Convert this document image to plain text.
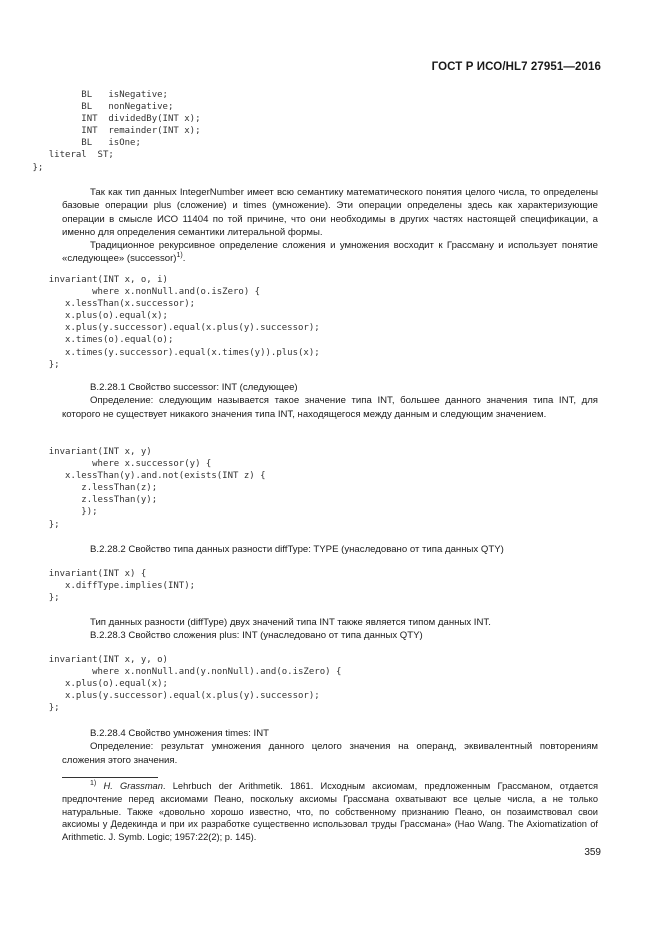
ГОСТ Р ИСО/HL7 27951—2016
BL   isNegative;
BL   nonNegative;
INT  dividedBy(INT x);
INT  remainder(INT x);
BL   isOne;
literal  ST;
};

Так как тип данных IntegerNumber имеет всю семантику математического понятия целого числа, то определены базовые операции plus (сложение) и times (умножение). Эти операции определены здесь как характеризующие операции в смысле ИСО 11404 по той причине, что они необходимы в других частях настоящей спецификации, а именно для определения семантики литеральной формы.

Традиционное рекурсивное определение сложения и умножения восходит к Грассману и использует понятие «следующее» (successor)$^{1)}$.

invariant(INT x, o, i)
where x.nonNull.and(o.isZero) {
x.lessThan(x.successor);
x.plus(o).equal(x);
x.plus(y.successor).equal(x.plus(y).successor);
x.times(o).equal(o);
x.times(y.successor).equal(x.times(y)).plus(x);
};

B.2.28.1 Свойство successor: INT (следующее)

Определение: следующим называется такое значение типа INT, большее данного значения типа INT, для которого не существует никакого значения типа INT, находящегося между данным и следующим значением.

invariant(INT x, y)
where x.successor(y) {
x.lessThan(y).and.not(exists(INT z) {
z.lessThan(z);
z.lessThan(y);
});
};

B.2.28.2 Свойство типа данных разности diffType: TYPE (унаследовано от типа данных QTY)

invariant(INT x) {
x.diffType.implies(INT);
};

Тип данных разности (diffType) двух значений типа INT также является типом данных INT.

B.2.28.3 Свойство сложения plus: INT (унаследовано от типа данных QTY)

invariant(INT x, y, o)
where x.nonNull.and(y.nonNull).and(o.isZero) {
x.plus(o).equal(x);
x.plus(y.successor).equal(x.plus(y).successor);
};

B.2.28.4 Свойство умножения times: INT

Определение: результат умножения данного целого значения на операнд, эквивалентный повторениям сложения этого значения.

$^{1)}$ H. Grassman. Lehrbuch der Arithmetik. 1861. Исходным аксиомам, предложенным Грассманом, отдается предпочтение перед аксиомами Пеано, поскольку аксиомы Грассмана охватывают все целые числа, а не только натуральные. Также «довольно хорошо известно, что, по собственному признанию Пеано, он позаимствовал свои аксиомы у Дедекинда и при их разработке существенно использовал труды Грассмана» (Hao Wang. The Axiomatization of Arithmetic. J. Symb. Logic; 1957:22(2); p. 145).

359
